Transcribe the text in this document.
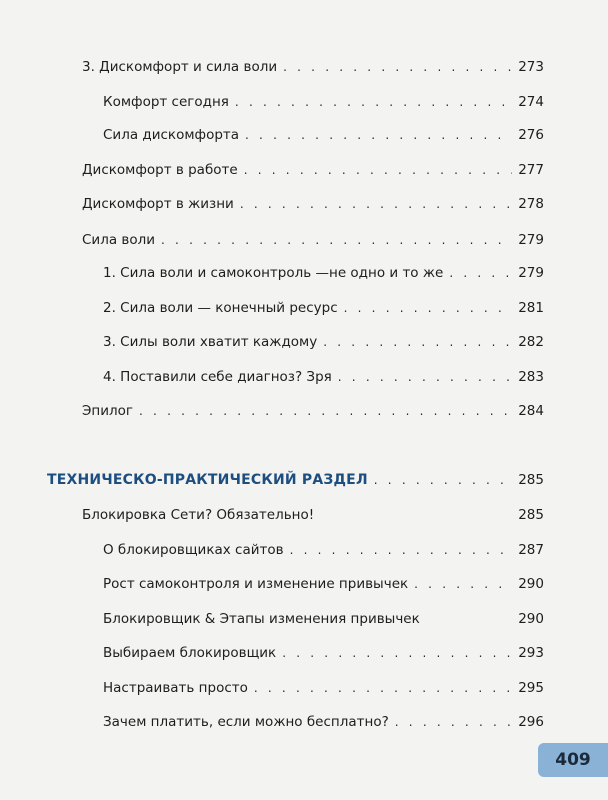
3. Дискомфорт и сила воли . . .	273
Комфорт сегодня . . .	274
Сила дискомфорта . . .	276
Дискомфорт в работе . . .	277
Дискомфорт в жизни . . .	278
Сила воли . . .	279
1. Сила воли и самоконтроль —не одно и то же . . .	279
2. Сила воли — конечный ресурс . . .	281
3. Силы воли хватит каждому . . .	282
4. Поставили себе диагноз? Зря . . .	283
Эпилог . . .	284
ТЕХНИЧЕСКО-ПРАКТИЧЕСКИЙ РАЗДЕЛ . . .	285
Блокировка Сети? Обязательно!	285
О блокировщиках сайтов . . .	287
Рост самоконтроля и изменение привычек . . .	290
Блокировщик & Этапы изменения привычек	290
Выбираем блокировщик . . .	293
Настраивать просто . . .	295
Зачем платить, если можно бесплатно? . . .	296
409
